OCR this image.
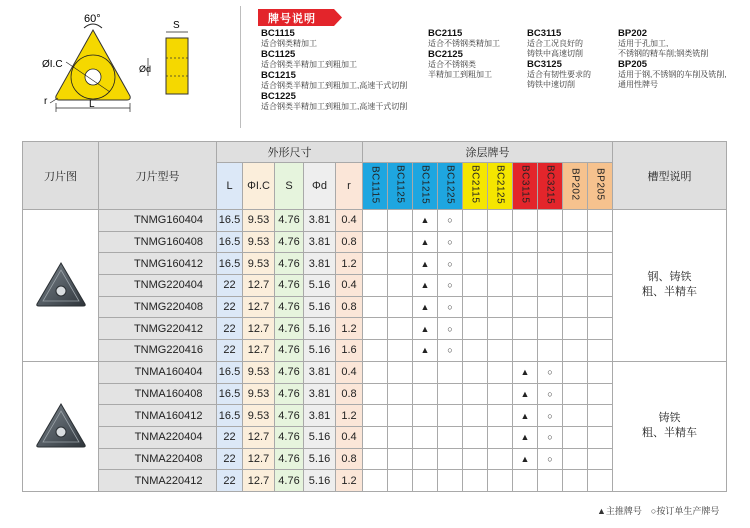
60°
ØI.C
L
r
S
Ød
牌号说明
BC1115
适合钢类精加工
BC1125
适合钢类半精加工到粗加工
BC1215
适合钢类半精加工到粗加工,高速干式切削
BC1225
适合钢类半精加工到粗加工,高速干式切削
BC2115
适合不锈钢类精加工
BC2125
适合不锈钢类
半精加工到粗加工
BC3115
适合工况良好的
铸铁中高速切削
BC3125
适合有韧性要求的
铸铁中速切削
BP202
适用于孔加工,
不锈钢的精车削;钢类铣削
BP205
适用于钢,不锈钢的车削及铣削,
通用性牌号
刀片图	刀片型号	外形尺寸					涂层牌号										槽型说明
		L	ΦI.C	S	Φd	r	BC1115	BC1125	BC1215	BC1225	BC2115	BC2125	BC3115	BC3215	BP202	BP205	

	TNMG160404	16.5	9.53	4.76	3.81	0.4			▲	○							钢、铸铁
粗、半精车

	TNMG160408	16.5	9.53	4.76	3.81	0.8			▲	○							
	TNMG160412	16.5	9.53	4.76	3.81	1.2			▲	○							
	TNMG220404	22	12.7	4.76	5.16	0.4			▲	○							
	TNMG220408	22	12.7	4.76	5.16	0.8			▲	○							
	TNMG220412	22	12.7	4.76	5.16	1.2			▲	○							
	TNMG220416	22	12.7	4.76	5.16	1.6			▲	○							
	TNMA160404	16.5	9.53	4.76	3.81	0.4							▲	○			铸铁
粗、半精车

	TNMA160408	16.5	9.53	4.76	3.81	0.8							▲	○			
	TNMA160412	16.5	9.53	4.76	3.81	1.2							▲	○			
	TNMA220404	22	12.7	4.76	5.16	0.4							▲	○			
	TNMA220408	22	12.7	4.76	5.16	0.8							▲	○			
	TNMA220412	22	12.7	4.76	5.16	1.2											
▲主推牌号　○按订单生产牌号
